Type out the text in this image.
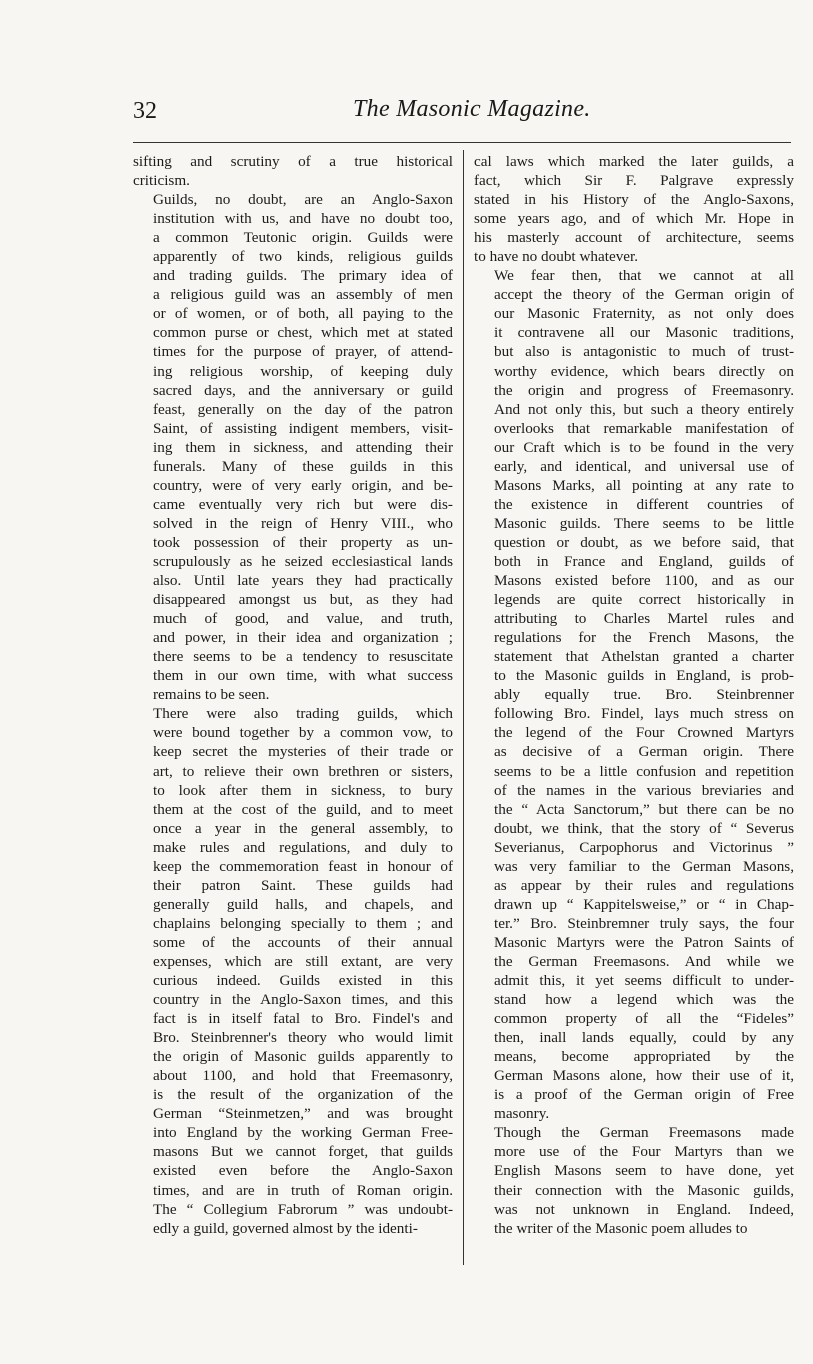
32	The Masonic Magazine.

sifting and scrutiny of a true historical
criticism.

Guilds, no doubt, are an Anglo-Saxon
institution with us, and have no doubt too,
a common Teutonic origin. Guilds were
apparently of two kinds, religious guilds
and trading guilds. The primary idea of
a religious guild was an assembly of men
or of women, or of both, all paying to the
common purse or chest, which met at stated
times for the purpose of prayer, of attend-
ing religious worship, of keeping duly
sacred days, and the anniversary or guild
feast, generally on the day of the patron
Saint, of assisting indigent members, visit-
ing them in sickness, and attending their
funerals. Many of these guilds in this
country, were of very early origin, and be-
came eventually very rich but were dis-
solved in the reign of Henry VIII., who
took possession of their property as un-
scrupulously as he seized ecclesiastical lands
also. Until late years they had practically
disappeared amongst us but, as they had
much of good, and value, and truth,
and power, in their idea and organization ;
there seems to be a tendency to resuscitate
them in our own time, with what success
remains to be seen.

There were also trading guilds, which
were bound together by a common vow, to
keep secret the mysteries of their trade or
art, to relieve their own brethren or sisters,
to look after them in sickness, to bury
them at the cost of the guild, and to meet
once a year in the general assembly, to
make rules and regulations, and duly to
keep the commemoration feast in honour of
their patron Saint. These guilds had
generally guild halls, and chapels, and
chaplains belonging specially to them ; and
some of the accounts of their annual
expenses, which are still extant, are very
curious indeed. Guilds existed in this
country in the Anglo-Saxon times, and this
fact is in itself fatal to Bro. Findel's and
Bro. Steinbrenner's theory who would limit
the origin of Masonic guilds apparently to
about 1100, and hold that Freemasonry,
is the result of the organization of the
German “Steinmetzen,” and was brought
into England by the working German Free-
masons But we cannot forget, that guilds
existed even before the Anglo-Saxon
times, and are in truth of Roman origin.
The “ Collegium Fabrorum ” was undoubt-
edly a guild, governed almost by the identi-

cal laws which marked the later guilds, a
fact, which Sir F. Palgrave expressly
stated in his History of the Anglo-Saxons,
some years ago, and of which Mr. Hope in
his masterly account of architecture, seems
to have no doubt whatever.

We fear then, that we cannot at all
accept the theory of the German origin of
our Masonic Fraternity, as not only does
it contravene all our Masonic traditions,
but also is antagonistic to much of trust-
worthy evidence, which bears directly on
the origin and progress of Freemasonry.
And not only this, but such a theory entirely
overlooks that remarkable manifestation of
our Craft which is to be found in the very
early, and identical, and universal use of
Masons Marks, all pointing at any rate to
the existence in different countries of
Masonic guilds. There seems to be little
question or doubt, as we before said, that
both in France and England, guilds of
Masons existed before 1100, and as our
legends are quite correct historically in
attributing to Charles Martel rules and
regulations for the French Masons, the
statement that Athelstan granted a charter
to the Masonic guilds in England, is prob-
ably equally true. Bro. Steinbrenner
following Bro. Findel, lays much stress on
the legend of the Four Crowned Martyrs
as decisive of a German origin. There
seems to be a little confusion and repetition
of the names in the various breviaries and
the “ Acta Sanctorum,” but there can be no
doubt, we think, that the story of “ Severus
Severianus, Carpophorus and Victorinus ”
was very familiar to the German Masons,
as appear by their rules and regulations
drawn up “ Kappitelsweise,” or “ in Chap-
ter.” Bro. Steinbremner truly says, the four
Masonic Martyrs were the Patron Saints of
the German Freemasons. And while we
admit this, it yet seems difficult to under-
stand how a legend which was the
common property of all the “Fideles”
then, inall lands equally, could by any
means, become appropriated by the
German Masons alone, how their use of it,
is a proof of the German origin of Free
masonry.

Though the German Freemasons made
more use of the Four Martyrs than we
English Masons seem to have done, yet
their connection with the Masonic guilds,
was not unknown in England. Indeed,
the writer of the Masonic poem alludes to
